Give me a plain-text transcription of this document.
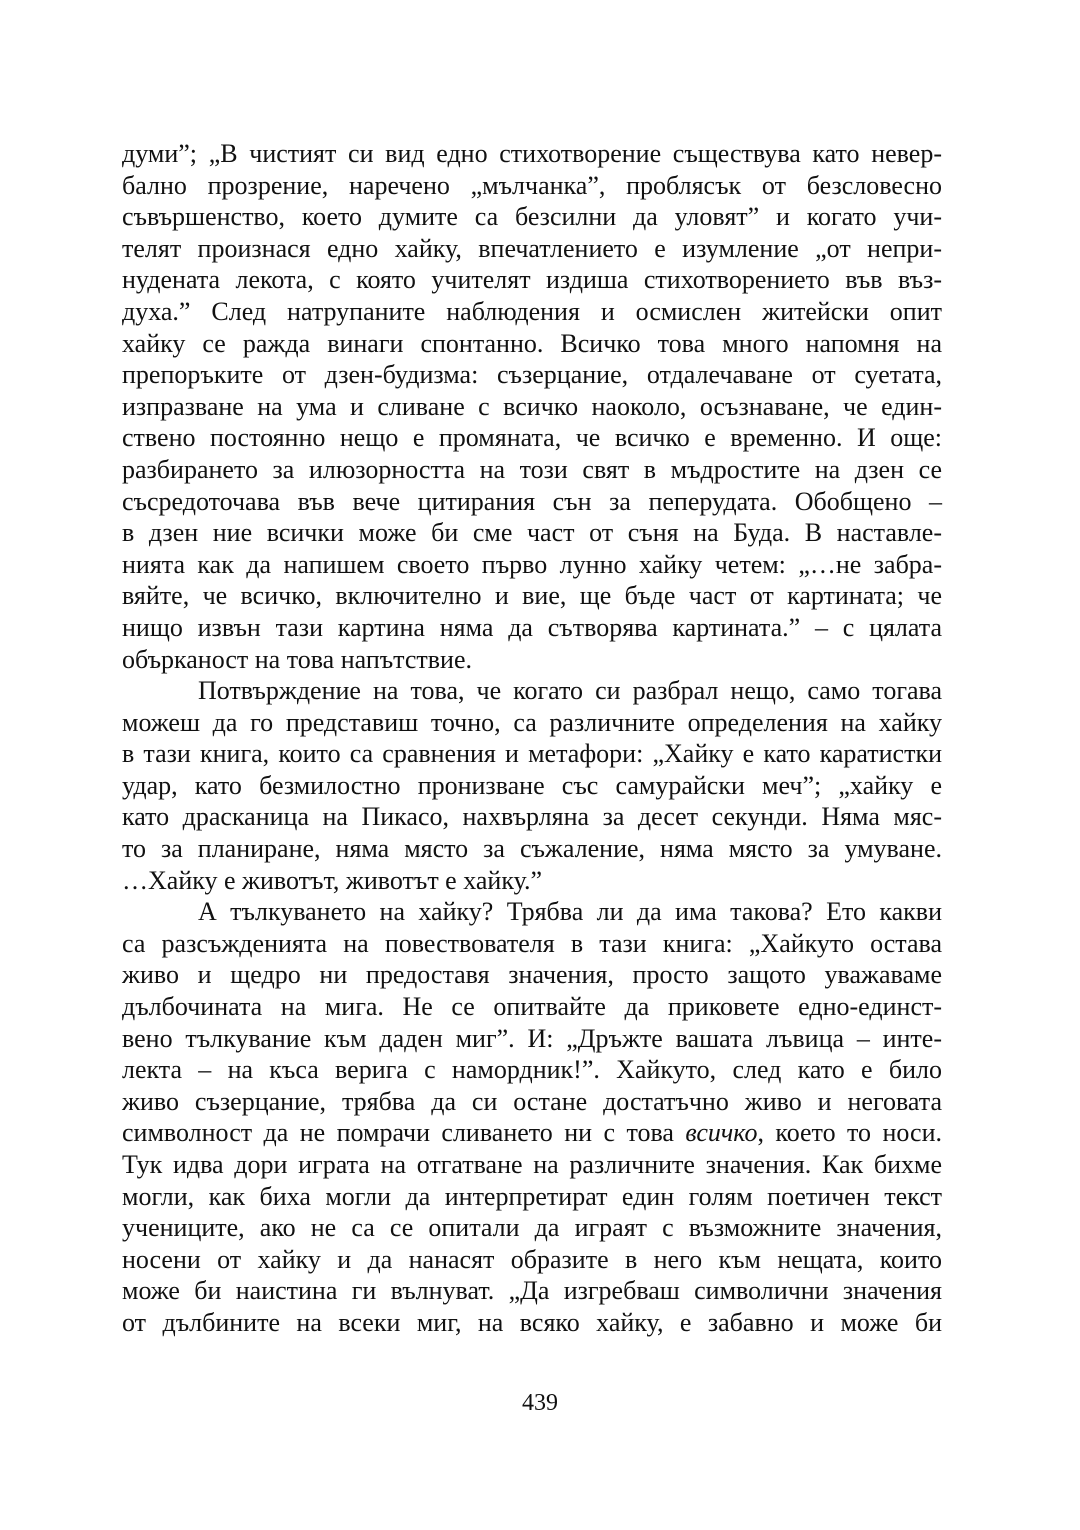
думи”; „В чистият си вид едно стихотворение съществува като невер-
бално прозрение, наречено „мълчанка”, проблясък от безсловесно
съвършенство, което думите са безсилни да уловят” и когато учи-
телят произнася едно хайку, впечатлението е изумление „от непри-
нудената лекота, с която учителят издиша стихотворението във въз-
духа.” След натрупаните наблюдения и осмислен житейски опит
хайку се ражда винаги спонтанно. Всичко това много напомня на
препоръките от дзен-будизма: съзерцание, отдалечаване от суетата,
изпразване на ума и сливане с всичко наоколо, осъзнаване, че един-
ствено постоянно нещо е промяната, че всичко е временно. И още:
разбирането за илюзорността на този свят в мъдростите на дзен се
съсредоточава във вече цитирания сън за пеперудата. Обобщено –
в дзен ние всички може би сме част от съня на Буда. В наставле-
нията как да напишем своето първо лунно хайку четем: „…не забра-
вяйте, че всичко, включително и вие, ще бъде част от картината; че
нищо извън тази картина няма да сътворява картината.” – с цялата
обърканост на това напътствие.
Потвърждение на това, че когато си разбрал нещо, само тогава
можеш да го представиш точно, са различните определения на хайку
в тази книга, които са сравнения и метафори: „Хайку е като каратистки
удар, като безмилостно пронизване със самурайски меч”; „хайку е
като драсканица на Пикасо, нахвърляна за десет секунди. Няма мяс-
то за планиране, няма място за съжаление, няма място за умуване.
…Хайку е животът, животът е хайку.”
А тълкуването на хайку? Трябва ли да има такова? Ето какви
са разсъжденията на повествователя в тази книга: „Хайкуто остава
живо и щедро ни предоставя значения, просто защото уважаваме
дълбочината на мига. Не се опитвайте да приковете едно-единст-
вено тълкувание към даден миг”. И: „Дръжте вашата лъвица – инте-
лекта – на къса верига с намордник!”. Хайкуто, след като е било
живо съзерцание, трябва да си остане достатъчно живо и неговата
символност да не помрачи сливането ни с това всичко, което то носи.
Тук идва дори играта на отгатване на различните значения. Как бихме
могли, как биха могли да интерпретират един голям поетичен текст
учениците, ако не са се опитали да играят с възможните значения,
носени от хайку и да нанасят образите в него към нещата, които
може би наистина ги вълнуват. „Да изгребваш символични значения
от дълбините на всеки миг, на всяко хайку, е забавно и може би
439
